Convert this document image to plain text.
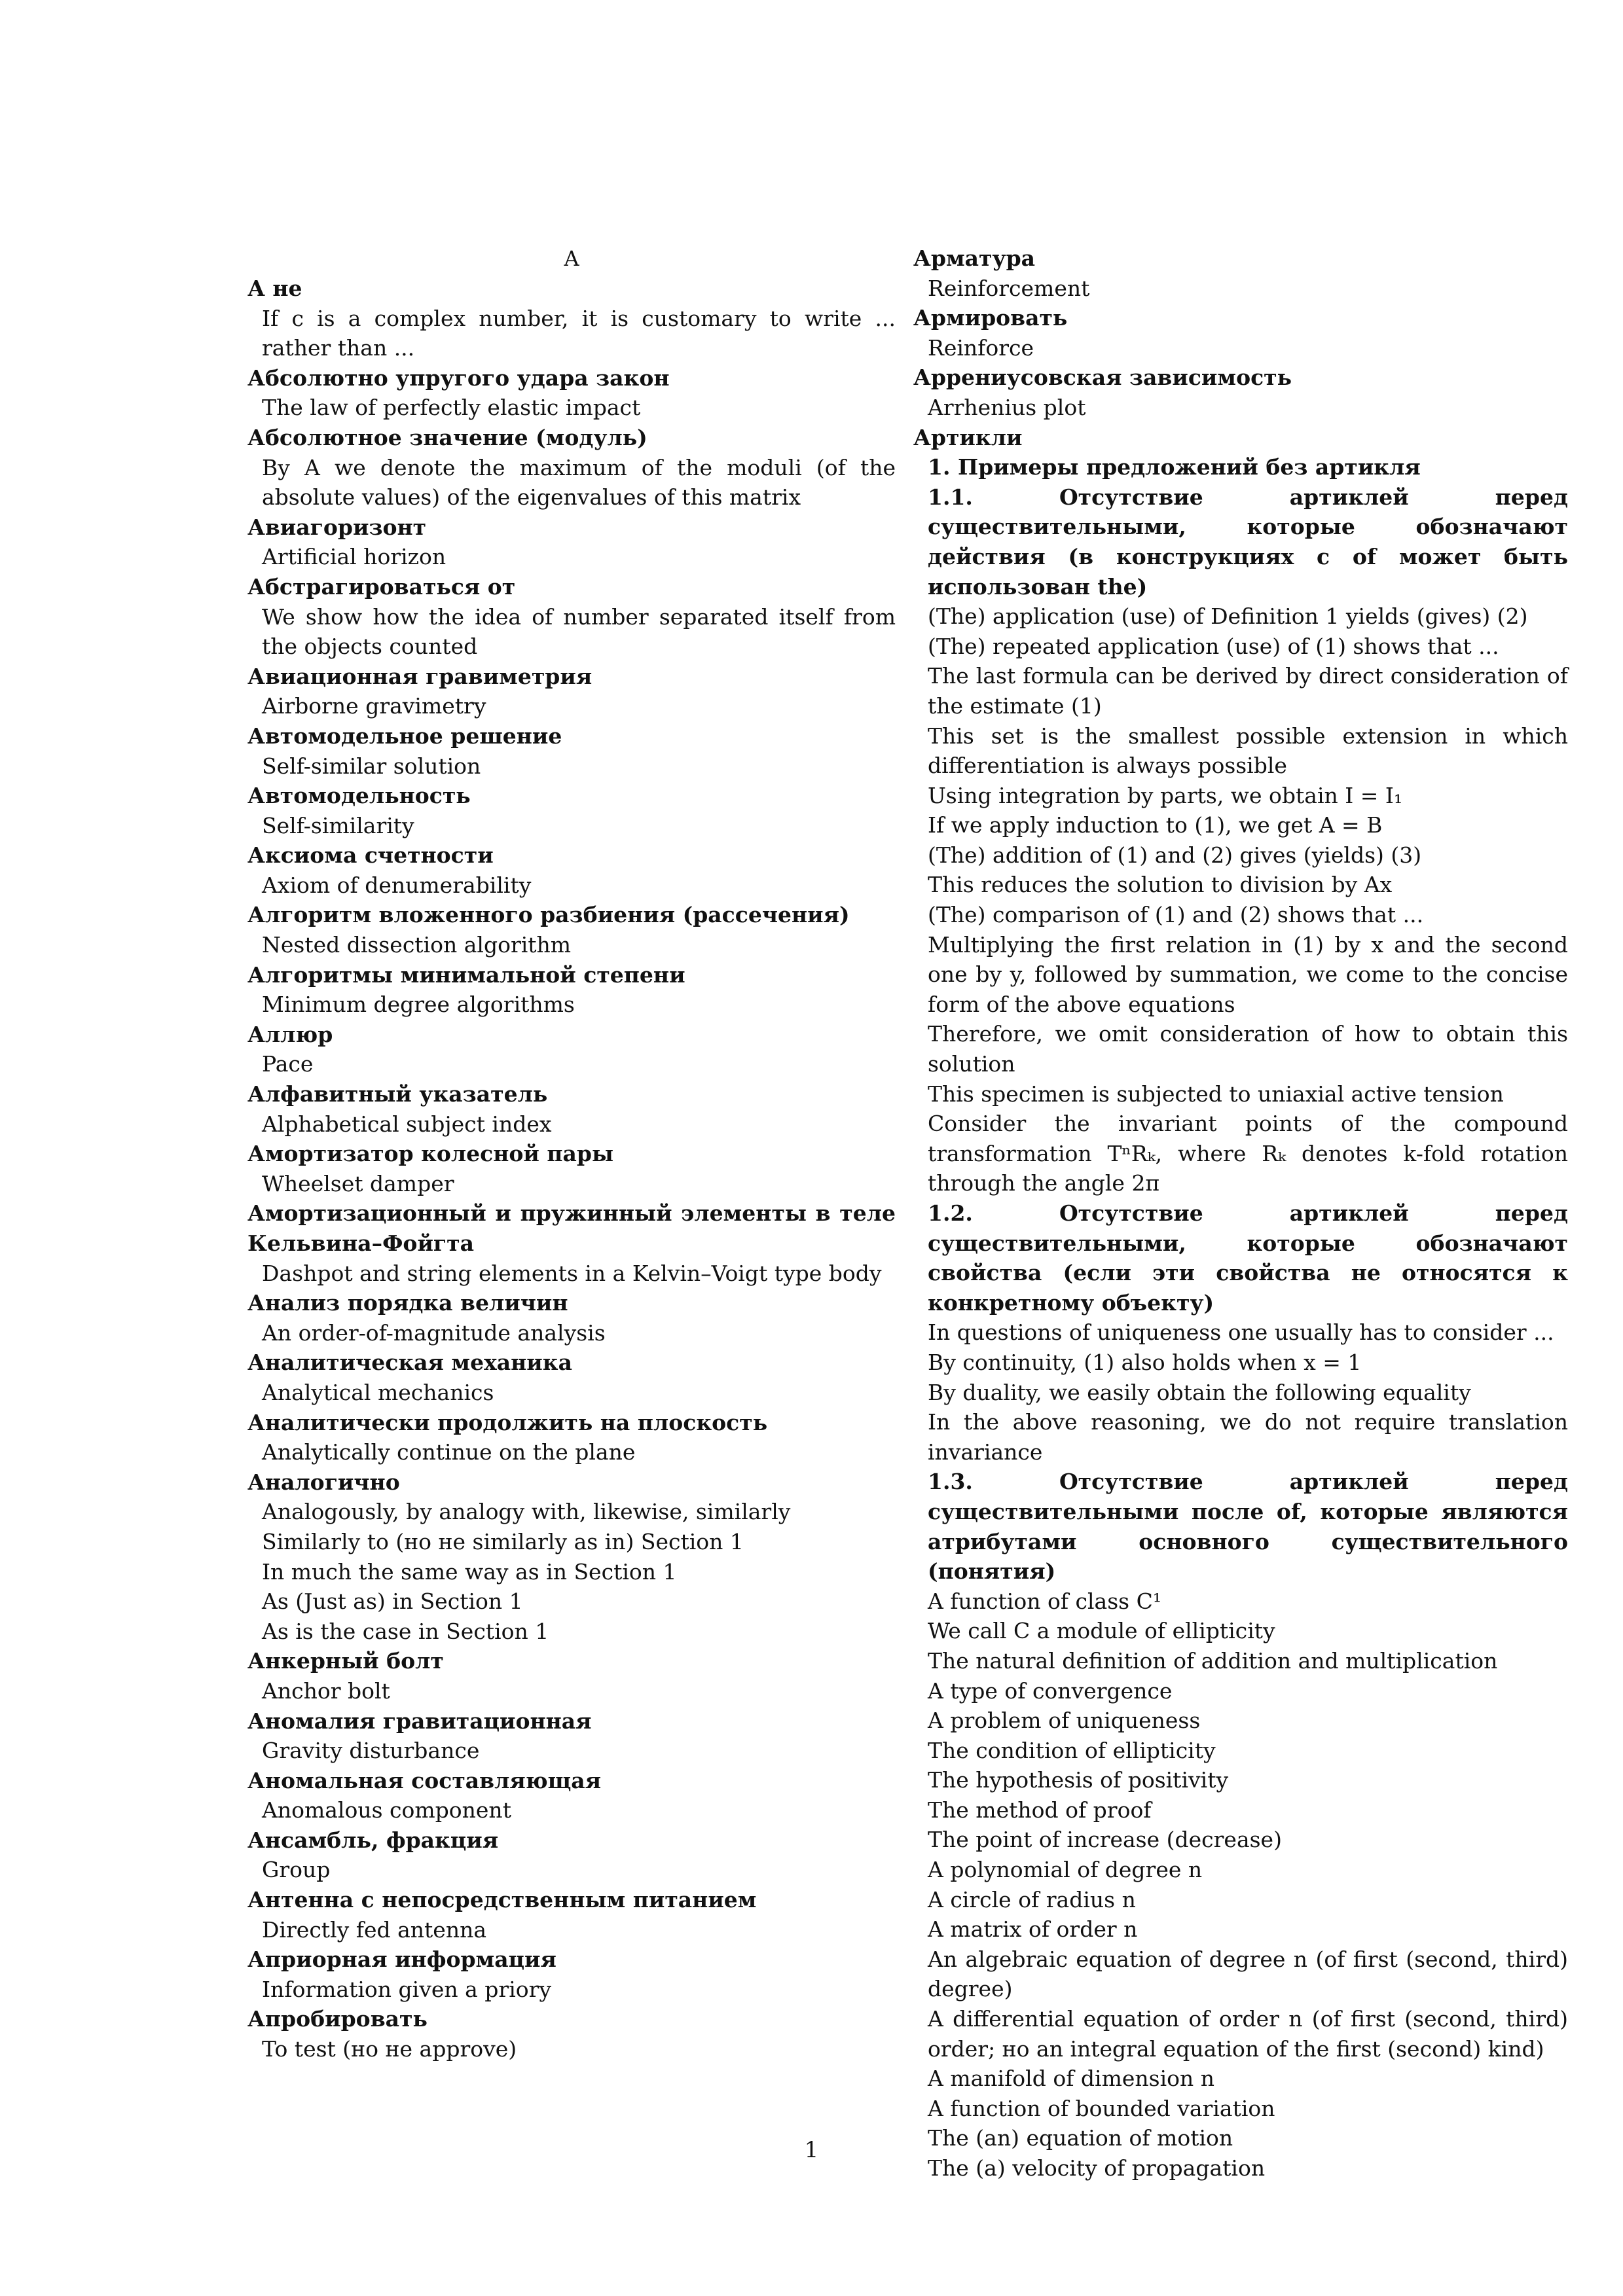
A

А не

If c is a complex number, it is customary to write ... rather than ...

Абсолютно упругого удара закон

The law of perfectly elastic impact

Абсолютное значение (модуль)

By A we denote the maximum of the moduli (of the absolute values) of the eigenvalues of this matrix

Авиагоризонт

Artificial horizon

Абстрагироваться от

We show how the idea of number separated itself from the objects counted

Авиационная гравиметрия

Airborne gravimetry

Автомодельное решение

Self-similar solution

Автомодельность

Self-similarity

Аксиома счетности

Axiom of denumerability

Алгоритм вложенного разбиения (рассечения)

Nested dissection algorithm

Алгоритмы минимальной степени

Minimum degree algorithms

Аллюр

Pace

Алфавитный указатель

Alphabetical subject index

Амортизатор колесной пары

Wheelset damper

Амортизационный и пружинный элементы в теле Кельвина–Фойгта

Dashpot and string elements in a Kelvin–Voigt type body

Анализ порядка величин

An order-of-magnitude analysis

Аналитическая механика

Analytical mechanics

Аналитически продолжить на плоскость

Analytically continue on the plane

Аналогично

Analogously, by analogy with, likewise, similarly

Similarly to (но не similarly as in) Section 1

In much the same way as in Section 1

As (Just as) in Section 1

As is the case in Section 1

Анкерный болт

Anchor bolt

Аномалия гравитационная

Gravity disturbance

Аномальная составляющая

Anomalous component

Ансамбль, фракция

Group

Антенна с непосредственным питанием

Directly fed antenna

Априорная информация

Information given a priory

Апробировать

To test (но не approve)

Арматура

Reinforcement

Армировать

Reinforce

Аррениусовская зависимость

Arrhenius plot

Артикли

1. Примеры предложений без артикля

1.1. Отсутствие артиклей перед существительными, которые обозначают действия (в конструкциях с of может быть использован the)

(The) application (use) of Definition 1 yields (gives) (2)

(The) repeated application (use) of (1) shows that ...

The last formula can be derived by direct consideration of the estimate (1)

This set is the smallest possible extension in which differentiation is always possible

Using integration by parts, we obtain I = I₁

If we apply induction to (1), we get A = B

(The) addition of (1) and (2) gives (yields) (3)

This reduces the solution to division by Ax

(The) comparison of (1) and (2) shows that ...

Multiplying the first relation in (1) by x and the second one by y, followed by summation, we come to the concise form of the above equations

Therefore, we omit consideration of how to obtain this solution

This specimen is subjected to uniaxial active tension

Consider the invariant points of the compound transformation TⁿRₖ, where Rₖ denotes k-fold rotation through the angle 2π

1.2. Отсутствие артиклей перед существительными, которые обозначают свойства (если эти свойства не относятся к конкретному объекту)

In questions of uniqueness one usually has to consider ...

By continuity, (1) also holds when x = 1

By duality, we easily obtain the following equality

In the above reasoning, we do not require translation invariance

1.3. Отсутствие артиклей перед существительными после of, которые являются атрибутами основного существительного (понятия)

A function of class C¹

We call C a module of ellipticity

The natural definition of addition and multiplication

A type of convergence

A problem of uniqueness

The condition of ellipticity

The hypothesis of positivity

The method of proof

The point of increase (decrease)

A polynomial of degree n

A circle of radius n

A matrix of order n

An algebraic equation of degree n (of first (second, third) degree)

A differential equation of order n (of first (second, third) order; но an integral equation of the first (second) kind)

A manifold of dimension n

A function of bounded variation

The (an) equation of motion

The (a) velocity of propagation

1
